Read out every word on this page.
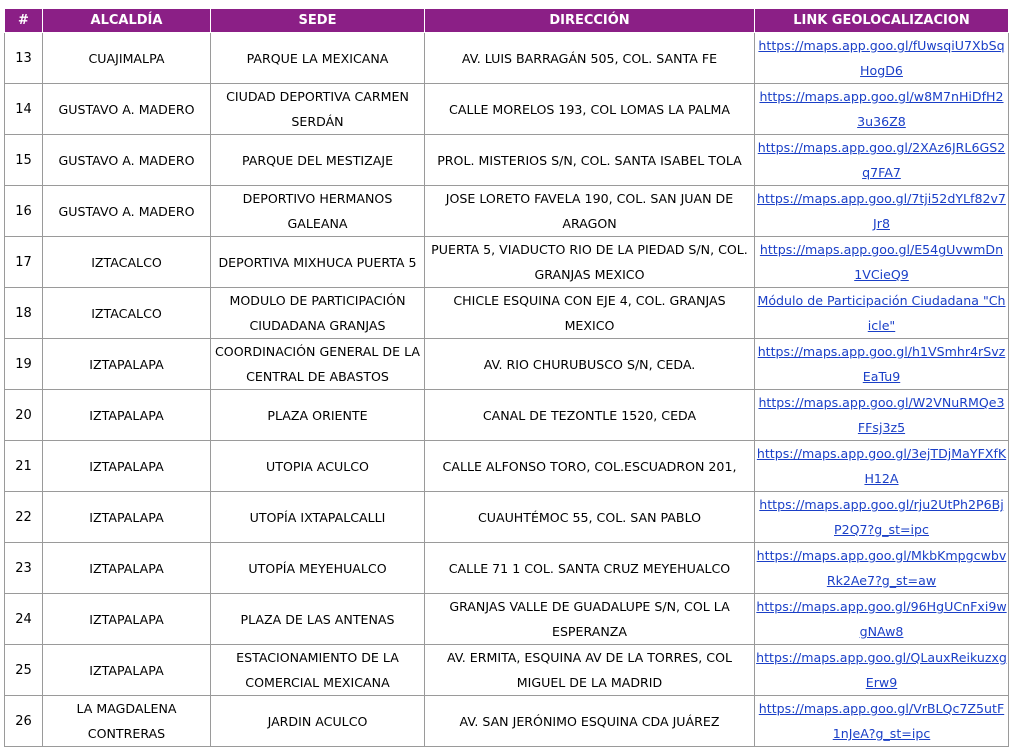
#	ALCALDÍA	SEDE	DIRECCIÓN	LINK GEOLOCALIZACION
13	CUAJIMALPA	PARQUE LA MEXICANA	AV. LUIS BARRAGÁN 505, COL. SANTA FE	https://maps.app.goo.gl/fUwsqiU7XbSqHogD6
14	GUSTAVO A. MADERO	CIUDAD DEPORTIVA CARMEN SERDÁN	CALLE MORELOS 193, COL LOMAS LA PALMA	https://maps.app.goo.gl/w8M7nHiDfH23u36Z8
15	GUSTAVO A. MADERO	PARQUE DEL MESTIZAJE	PROL. MISTERIOS S/N, COL. SANTA ISABEL TOLA	https://maps.app.goo.gl/2XAz6JRL6GS2q7FA7
16	GUSTAVO A. MADERO	DEPORTIVO HERMANOS GALEANA	JOSE LORETO FAVELA 190, COL. SAN JUAN DE ARAGON	https://maps.app.goo.gl/7tji52dYLf82v7Jr8
17	IZTACALCO	DEPORTIVA MIXHUCA PUERTA 5	PUERTA 5, VIADUCTO RIO DE LA PIEDAD S/N, COL. GRANJAS MEXICO	https://maps.app.goo.gl/E54gUvwmDn1VCieQ9
18	IZTACALCO	MODULO DE PARTICIPACIÓN CIUDADANA GRANJAS	CHICLE ESQUINA CON EJE 4, COL. GRANJAS MEXICO	Módulo de Participación Ciudadana "Chicle"
19	IZTAPALAPA	COORDINACIÓN GENERAL DE LA CENTRAL DE ABASTOS	AV. RIO CHURUBUSCO S/N, CEDA.	https://maps.app.goo.gl/h1VSmhr4rSvzEaTu9
20	IZTAPALAPA	PLAZA ORIENTE	CANAL DE TEZONTLE 1520, CEDA	https://maps.app.goo.gl/W2VNuRMQe3FFsj3z5
21	IZTAPALAPA	UTOPIA ACULCO	CALLE ALFONSO TORO, COL.ESCUADRON 201,	https://maps.app.goo.gl/3ejTDjMaYFXfKH12A
22	IZTAPALAPA	UTOPÍA IXTAPALCALLI	CUAUHTÉMOC 55, COL. SAN PABLO	https://maps.app.goo.gl/rju2UtPh2P6BjP2Q7?g_st=ipc
23	IZTAPALAPA	UTOPÍA MEYEHUALCO	CALLE 71 1 COL. SANTA CRUZ MEYEHUALCO	https://maps.app.goo.gl/MkbKmpgcwbvRk2Ae7?g_st=aw
24	IZTAPALAPA	PLAZA DE LAS ANTENAS	GRANJAS VALLE DE GUADALUPE S/N, COL LA ESPERANZA	https://maps.app.goo.gl/96HgUCnFxi9wgNAw8
25	IZTAPALAPA	ESTACIONAMIENTO DE LA COMERCIAL MEXICANA	AV. ERMITA, ESQUINA AV DE LA TORRES, COL MIGUEL DE LA MADRID	https://maps.app.goo.gl/QLauxReikuzxgErw9
26	LA MAGDALENA CONTRERAS	JARDIN ACULCO	AV. SAN JERÓNIMO ESQUINA CDA JUÁREZ	https://maps.app.goo.gl/VrBLQc7Z5utF1nJeA?g_st=ipc
